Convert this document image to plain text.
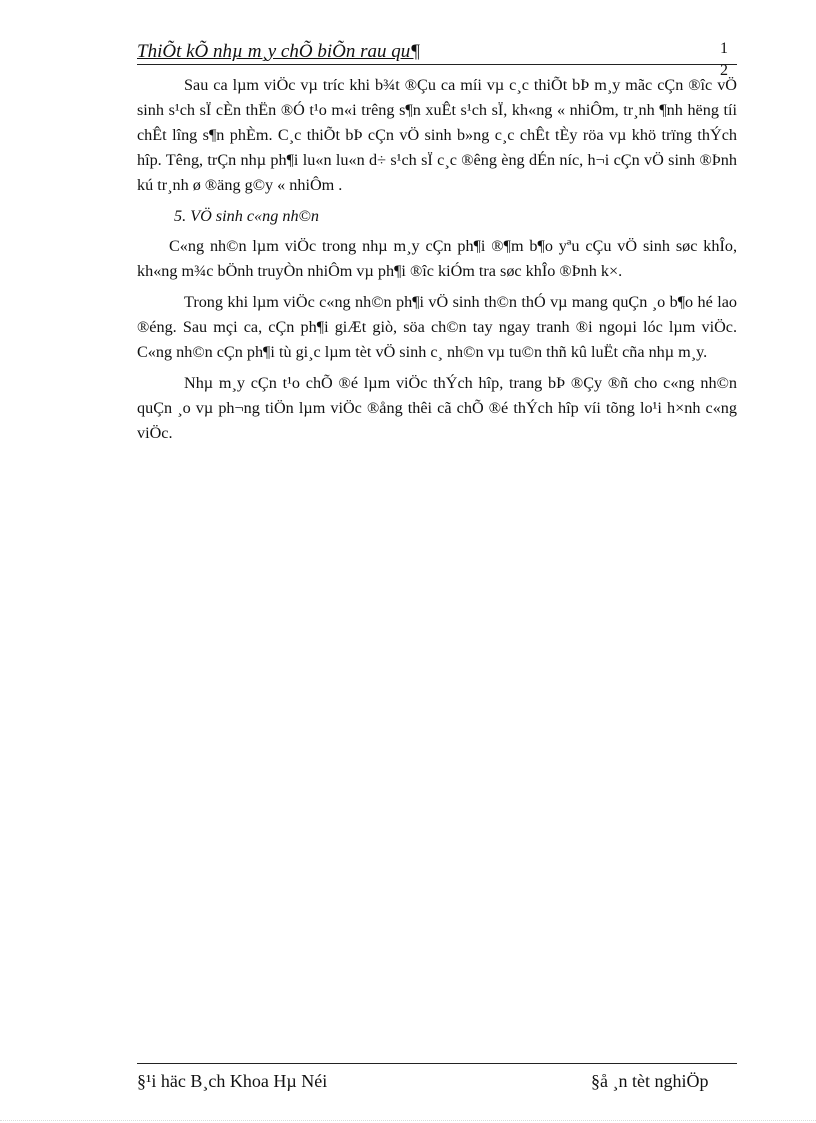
ThiÕt kÕ nhµ m¸y chÕ biÕn rau qu¶	1
2

Sau ca lµm viÖc vµ tríc khi b¾t ®Çu ca míi vµ c¸c thiÕt bÞ m¸y mãc cÇn ®îc vÖ sinh s¹ch sÏ cÈn thËn ®Ó t¹o m«i trêng s¶n xuÊt s¹ch sÏ, kh«ng « nhiÔm, tr¸nh ¶nh hëng tíi chÊt lîng s¶n phÈm. C¸c thiÕt bÞ cÇn vÖ sinh b»ng c¸c chÊt tÈy röa vµ khö trïng thÝch hîp. Têng, trÇn nhµ ph¶i lu«n lu«n d÷ s¹ch sÏ c¸c ®êng èng dÉn níc, h¬i cÇn vÖ sinh ®Þnh kú tr¸nh ø ®äng g©y « nhiÔm .

5. VÖ sinh c«ng nh©n

C«ng nh©n lµm viÖc trong nhµ m¸y cÇn ph¶i ®¶m b¶o yªu cÇu vÖ sinh søc khÎo, kh«ng m¾c bÖnh truyÒn nhiÔm vµ ph¶i ®îc kiÓm tra søc khÎo ®Þnh k×.

Trong khi lµm viÖc c«ng nh©n ph¶i vÖ sinh th©n thÓ vµ mang quÇn ¸o b¶o hé lao ®éng. Sau mçi ca, cÇn ph¶i giÆt giò, söa ch©n tay ngay tranh ®i ngoµi lóc lµm viÖc. C«ng nh©n cÇn ph¶i tù gi¸c lµm tèt vÖ sinh c¸ nh©n vµ tu©n thñ kû luËt cña nhµ m¸y.

Nhµ m¸y cÇn t¹o chÕ ®é lµm viÖc thÝch hîp, trang bÞ ®Çy ®ñ cho c«ng nh©n quÇn ¸o vµ ph¬ng tiÖn lµm viÖc ®ång thêi cã chÕ ®é thÝch hîp víi tõng lo¹i h×nh c«ng viÖc.

§¹i häc B¸ch Khoa Hµ Néi	§å ¸n tèt nghiÖp
